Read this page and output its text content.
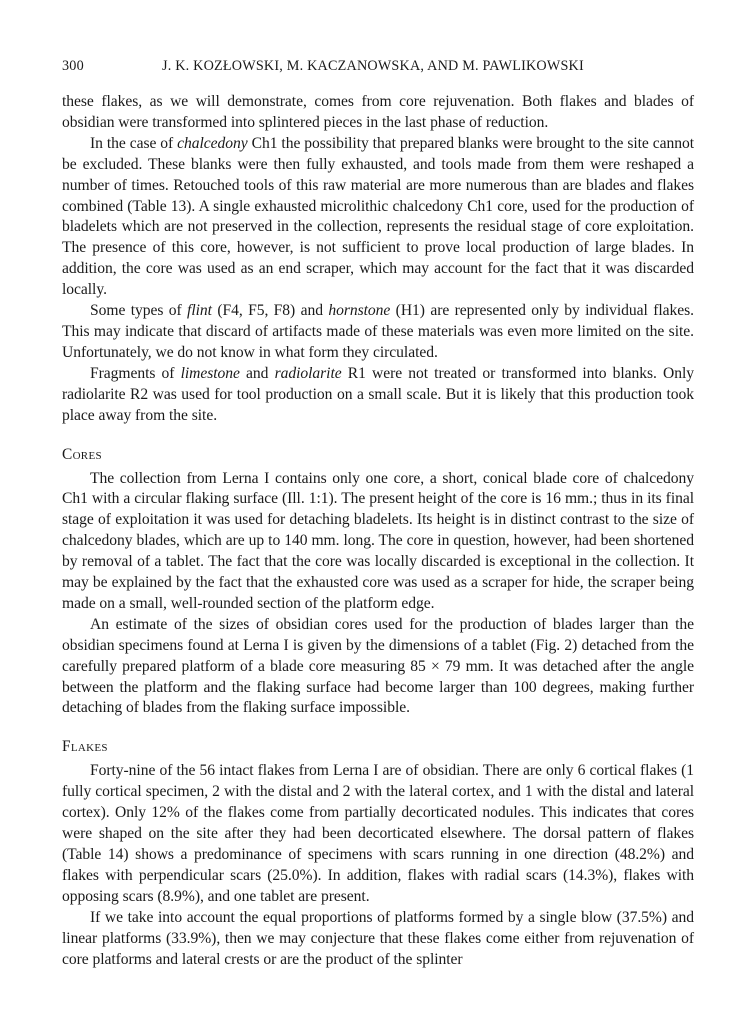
300	J. K. KOZŁOWSKI, M. KACZANOWSKA, AND M. PAWLIKOWSKI

these flakes, as we will demonstrate, comes from core rejuvenation. Both flakes and blades of obsidian were transformed into splintered pieces in the last phase of reduction.

In the case of chalcedony Ch1 the possibility that prepared blanks were brought to the site cannot be excluded. These blanks were then fully exhausted, and tools made from them were reshaped a number of times. Retouched tools of this raw material are more numerous than are blades and flakes combined (Table 13). A single exhausted microlithic chalcedony Ch1 core, used for the production of bladelets which are not preserved in the collection, represents the residual stage of core exploitation. The presence of this core, however, is not sufficient to prove local production of large blades. In addition, the core was used as an end scraper, which may account for the fact that it was discarded locally.

Some types of flint (F4, F5, F8) and hornstone (H1) are represented only by individual flakes. This may indicate that discard of artifacts made of these materials was even more limited on the site. Unfortunately, we do not know in what form they circulated.

Fragments of limestone and radiolarite R1 were not treated or transformed into blanks. Only radiolarite R2 was used for tool production on a small scale. But it is likely that this production took place away from the site.

Cores

The collection from Lerna I contains only one core, a short, conical blade core of chalcedony Ch1 with a circular flaking surface (Ill. 1:1). The present height of the core is 16 mm.; thus in its final stage of exploitation it was used for detaching bladelets. Its height is in distinct contrast to the size of chalcedony blades, which are up to 140 mm. long. The core in question, however, had been shortened by removal of a tablet. The fact that the core was locally discarded is exceptional in the collection. It may be explained by the fact that the exhausted core was used as a scraper for hide, the scraper being made on a small, well-rounded section of the platform edge.

An estimate of the sizes of obsidian cores used for the production of blades larger than the obsidian specimens found at Lerna I is given by the dimensions of a tablet (Fig. 2) detached from the carefully prepared platform of a blade core measuring 85 × 79 mm. It was detached after the angle between the platform and the flaking surface had become larger than 100 degrees, making further detaching of blades from the flaking surface impossible.

Flakes

Forty-nine of the 56 intact flakes from Lerna I are of obsidian. There are only 6 cortical flakes (1 fully cortical specimen, 2 with the distal and 2 with the lateral cortex, and 1 with the distal and lateral cortex). Only 12% of the flakes come from partially decorticated nodules. This indicates that cores were shaped on the site after they had been decorticated elsewhere. The dorsal pattern of flakes (Table 14) shows a predominance of specimens with scars running in one direction (48.2%) and flakes with perpendicular scars (25.0%). In addition, flakes with radial scars (14.3%), flakes with opposing scars (8.9%), and one tablet are present.

If we take into account the equal proportions of platforms formed by a single blow (37.5%) and linear platforms (33.9%), then we may conjecture that these flakes come either from rejuvenation of core platforms and lateral crests or are the product of the splinter
